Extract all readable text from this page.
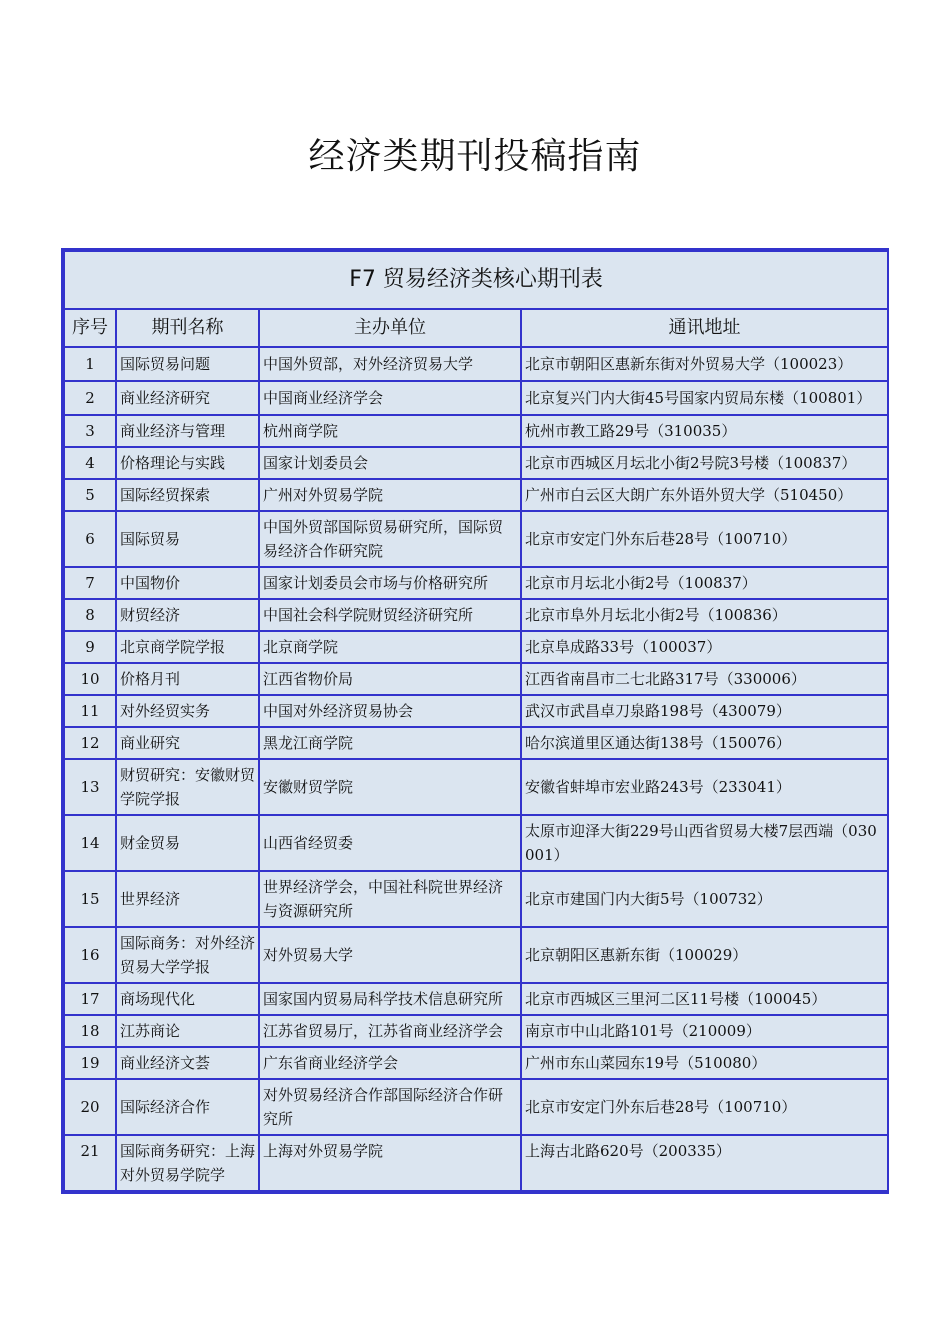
经济类期刊投稿指南
F7 贸易经济类核心期刊表			
序号	期刊名称	主办单位	通讯地址
1	国际贸易问题	中国外贸部，对外经济贸易大学	北京市朝阳区惠新东街对外贸易大学（100023）
2	商业经济研究	中国商业经济学会	北京复兴门内大街45号国家内贸局东楼（100801）
3	商业经济与管理	杭州商学院	杭州市教工路29号（310035）
4	价格理论与实践	国家计划委员会	北京市西城区月坛北小街2号院3号楼（100837）
5	国际经贸探索	广州对外贸易学院	广州市白云区大朗广东外语外贸大学（510450）
6	国际贸易	中国外贸部国际贸易研究所，国际贸易经济合作研究院	北京市安定门外东后巷28号（100710）
7	中国物价	国家计划委员会市场与价格研究所	北京市月坛北小街2号（100837）
8	财贸经济	中国社会科学院财贸经济研究所	北京市阜外月坛北小街2号（100836）
9	北京商学院学报	北京商学院	北京阜成路33号（100037）
10	价格月刊	江西省物价局	江西省南昌市二七北路317号（330006）
11	对外经贸实务	中国对外经济贸易协会	武汉市武昌卓刀泉路198号（430079）
12	商业研究	黑龙江商学院	哈尔滨道里区通达街138号（150076）
13	财贸研究：安徽财贸学院学报	安徽财贸学院	安徽省蚌埠市宏业路243号（233041）
14	财金贸易	山西省经贸委	太原市迎泽大街229号山西省贸易大楼7层西端（030001）
15	世界经济	世界经济学会，中国社科院世界经济与资源研究所	北京市建国门内大街5号（100732）
16	国际商务：对外经济贸易大学学报	对外贸易大学	北京朝阳区惠新东街（100029）
17	商场现代化	国家国内贸易局科学技术信息研究所	北京市西城区三里河二区11号楼（100045）
18	江苏商论	江苏省贸易厅，江苏省商业经济学会	南京市中山北路101号（210009）
19	商业经济文荟	广东省商业经济学会	广州市东山菜园东19号（510080）
20	国际经济合作	对外贸易经济合作部国际经济合作研究所	北京市安定门外东后巷28号（100710）
21	国际商务研究：上海对外贸易学院学	上海对外贸易学院	上海古北路620号（200335）
